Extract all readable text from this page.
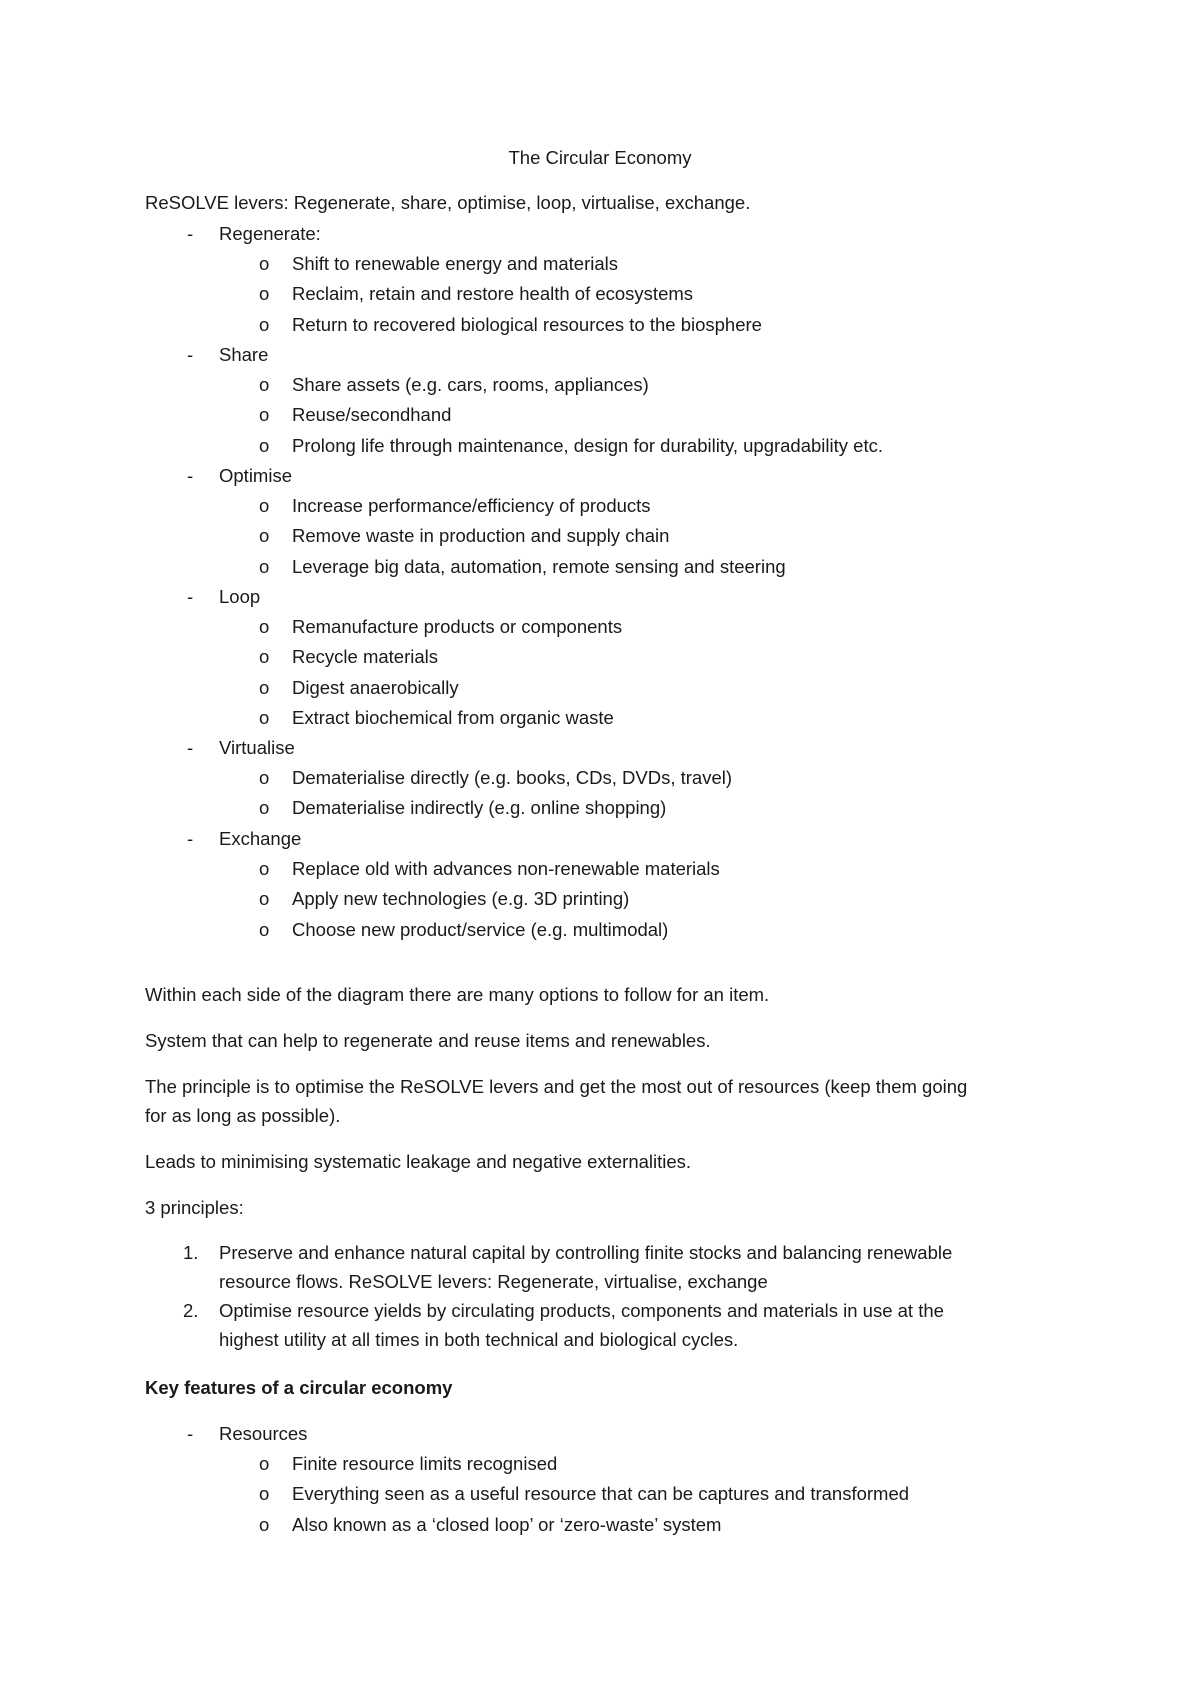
The Circular Economy
ReSOLVE levers: Regenerate, share, optimise, loop, virtualise, exchange.
- Regenerate:
o Shift to renewable energy and materials
o Reclaim, retain and restore health of ecosystems
o Return to recovered biological resources to the biosphere
- Share
o Share assets (e.g. cars, rooms, appliances)
o Reuse/secondhand
o Prolong life through maintenance, design for durability, upgradability etc.
- Optimise
o Increase performance/efficiency of products
o Remove waste in production and supply chain
o Leverage big data, automation, remote sensing and steering
- Loop
o Remanufacture products or components
o Recycle materials
o Digest anaerobically
o Extract biochemical from organic waste
- Virtualise
o Dematerialise directly (e.g. books, CDs, DVDs, travel)
o Dematerialise indirectly (e.g. online shopping)
- Exchange
o Replace old with advances non-renewable materials
o Apply new technologies (e.g. 3D printing)
o Choose new product/service (e.g. multimodal)
Within each side of the diagram there are many options to follow for an item.
System that can help to regenerate and reuse items and renewables.
The principle is to optimise the ReSOLVE levers and get the most out of resources (keep them going
for as long as possible).
Leads to minimising systematic leakage and negative externalities.
3 principles:
1. Preserve and enhance natural capital by controlling finite stocks and balancing renewable
resource flows. ReSOLVE levers: Regenerate, virtualise, exchange
2. Optimise resource yields by circulating products, components and materials in use at the
highest utility at all times in both technical and biological cycles.
Key features of a circular economy
- Resources
o Finite resource limits recognised
o Everything seen as a useful resource that can be captures and transformed
o Also known as a ‘closed loop’ or ‘zero-waste’ system
